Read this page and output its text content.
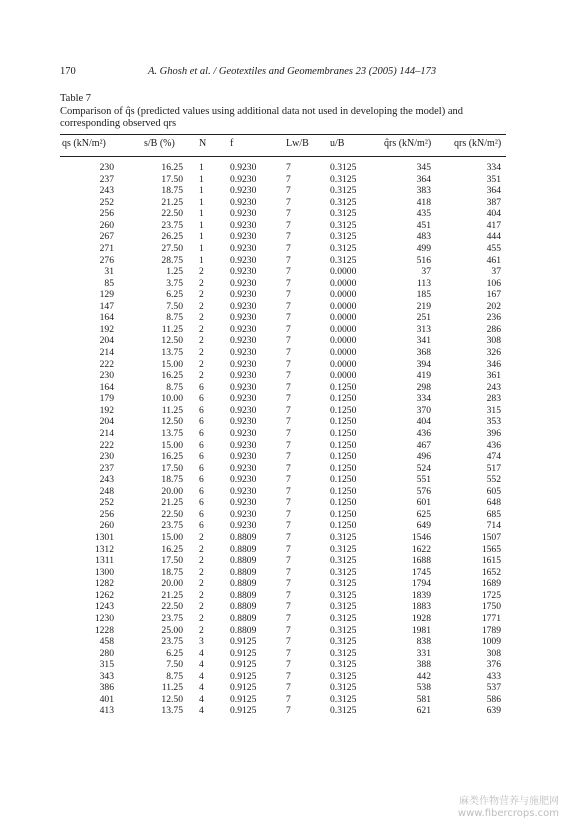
170	A. Ghosh et al. / Geotextiles and Geomembranes 23 (2005) 144–173
Table 7
Comparison of q̂s (predicted values using additional data not used in developing the model) and
corresponding observed qrs
qs (kN/m²)	s/B (%) N f	Lw/B u/B	q̂rs (kN/m²) qrs (kN/m²)
230	16.25 1	0.9230	7	0.3125	345	334
237	17.50 1	0.9230	7	0.3125	364	351
243	18.75 1	0.9230	7	0.3125	383	364
252	21.25 1	0.9230	7	0.3125	418	387
256	22.50 1	0.9230	7	0.3125	435	404
260	23.75 1	0.9230	7	0.3125	451	417
267	26.25 1	0.9230	7	0.3125	483	444
271	27.50 1	0.9230	7	0.3125	499	455
276	28.75 1	0.9230	7	0.3125	516	461
31	1.25 2	0.9230	7	0.0000	37	37
85	3.75 2	0.9230	7	0.0000	113	106
129	6.25 2	0.9230	7	0.0000	185	167
147	7.50 2	0.9230	7	0.0000	219	202
164	8.75 2	0.9230	7	0.0000	251	236
192	11.25 2	0.9230	7	0.0000	313	286
204	12.50 2	0.9230	7	0.0000	341	308
214	13.75 2	0.9230	7	0.0000	368	326
222	15.00 2	0.9230	7	0.0000	394	346
230	16.25 2	0.9230	7	0.0000	419	361
164	8.75 6	0.9230	7	0.1250	298	243
179	10.00 6	0.9230	7	0.1250	334	283
192	11.25 6	0.9230	7	0.1250	370	315
204	12.50 6	0.9230	7	0.1250	404	353
214	13.75 6	0.9230	7	0.1250	436	396
222	15.00 6	0.9230	7	0.1250	467	436
230	16.25 6	0.9230	7	0.1250	496	474
237	17.50 6	0.9230	7	0.1250	524	517
243	18.75 6	0.9230	7	0.1250	551	552
248	20.00 6	0.9230	7	0.1250	576	605
252	21.25 6	0.9230	7	0.1250	601	648
256	22.50 6	0.9230	7	0.1250	625	685
260	23.75 6	0.9230	7	0.1250	649	714
1301	15.00 2	0.8809	7	0.3125	1546	1507
1312	16.25 2	0.8809	7	0.3125	1622	1565
1311	17.50 2	0.8809	7	0.3125	1688	1615
1300	18.75 2	0.8809	7	0.3125	1745	1652
1282	20.00 2	0.8809	7	0.3125	1794	1689
1262	21.25 2	0.8809	7	0.3125	1839	1725
1243	22.50 2	0.8809	7	0.3125	1883	1750
1230	23.75 2	0.8809	7	0.3125	1928	1771
1228	25.00 2	0.8809	7	0.3125	1981	1789
458	23.75 3	0.9125	7	0.3125	838	1009
280	6.25 4	0.9125	7	0.3125	331	308
315	7.50 4	0.9125	7	0.3125	388	376
343	8.75 4	0.9125	7	0.3125	442	433
386	11.25 4	0.9125	7	0.3125	538	537
401	12.50 4	0.9125	7	0.3125	581	586
413	13.75 4	0.9125	7	0.3125	621	639
麻类作物营养与施肥网
www.fibercrops.com
